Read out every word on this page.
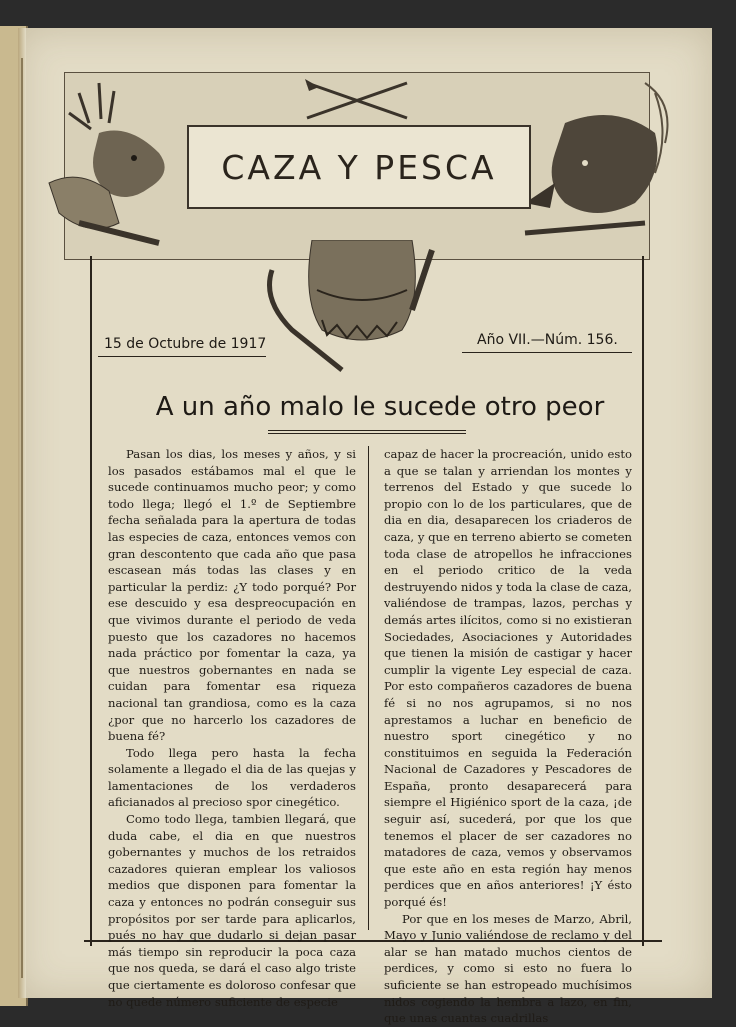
CAZA Y PESCA
15 de Octubre de 1917	Año VII.—Núm. 156.
A un año malo le sucede otro peor

Pasan los dias, los meses y años, y si los pasados estábamos mal el que le sucede continuamos mucho peor; y como todo llega; llegó el 1.º de Septiembre fecha señalada para la apertura de todas las especies de caza, entonces vemos con gran descontento que cada año que pasa escasean más todas las clases y en particular la perdiz: ¿Y todo porqué? Por ese descuido y esa despreocupación en que vivimos durante el periodo de veda puesto que los cazadores no hacemos nada práctico por fomentar la caza, ya que nuestros gobernantes en nada se cuidan para fomentar esa riqueza nacional tan grandiosa, como es la caza ¿por que no harcerlo los cazadores de buena fé?

Todo llega pero hasta la fecha solamente a llegado el dia de las quejas y lamentaciones de los verdaderos aficianados al precioso spor cinegético.

Como todo llega, tambien llegará, que duda cabe, el dia en que nuestros gobernantes y muchos de los retraidos cazadores quieran emplear los valiosos medios que disponen para fomentar la caza y entonces no podrán conseguir sus propósitos por ser tarde para aplicarlos, pués no hay que dudarlo si dejan pasar más tiempo sin reproducir la poca caza que nos queda, se dará el caso algo triste que ciertamente es doloroso confesar que no quede número suficiente de especie

capaz de hacer la procreación, unido esto a que se talan y arriendan los montes y terrenos del Estado y que sucede lo propio con lo de los particulares, que de dia en dia, desaparecen los criaderos de caza, y que en terreno abierto se cometen toda clase de atropellos he infracciones en el periodo critico de la veda destruyendo nidos y toda la clase de caza, valiéndose de trampas, lazos, perchas y demás artes ilícitos, como si no existieran Sociedades, Asociaciones y Autoridades que tienen la misión de castigar y hacer cumplir la vigente Ley especial de caza. Por esto compañeros cazadores de buena fé si no nos agrupamos, si no nos aprestamos a luchar en beneficio de nuestro sport cinegético y no constituimos en seguida la Federación Nacional de Cazadores y Pescadores de España, pronto desaparecerá para siempre el Higiénico sport de la caza, ¡de seguir así, sucederá, por que los que tenemos el placer de ser cazadores no matadores de caza, vemos y observamos que este año en esta región hay menos perdices que en años anteriores! ¡Y ésto porqué és!

Por que en los meses de Marzo, Abril, Mayo y Junio valiéndose de reclamo y del alar se han matado muchos cientos de perdices, y como si esto no fuera lo suficiente se han estropeado muchísimos nidos cogiendo la hembra a lazo, en fin, que unas cuantas cuadrillas
